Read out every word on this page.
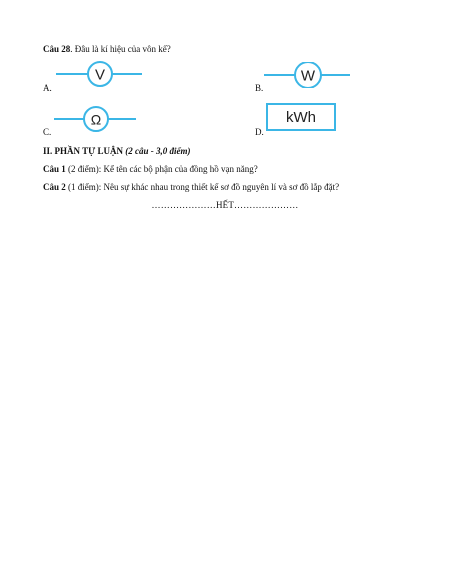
Câu 28. Đâu là kí hiệu của vôn kế?
V
A.
W
B.
Ω
C.
kWh
D.
II. PHẦN TỰ LUẬN (2 câu - 3,0 điểm)
Câu 1 (2 điểm): Kể tên các bộ phận của đồng hồ vạn năng?
Câu 2 (1 điểm): Nêu sự khác nhau trong thiết kế sơ đồ nguyên lí và sơ đồ lắp đặt?
…………………HẾT…………………
